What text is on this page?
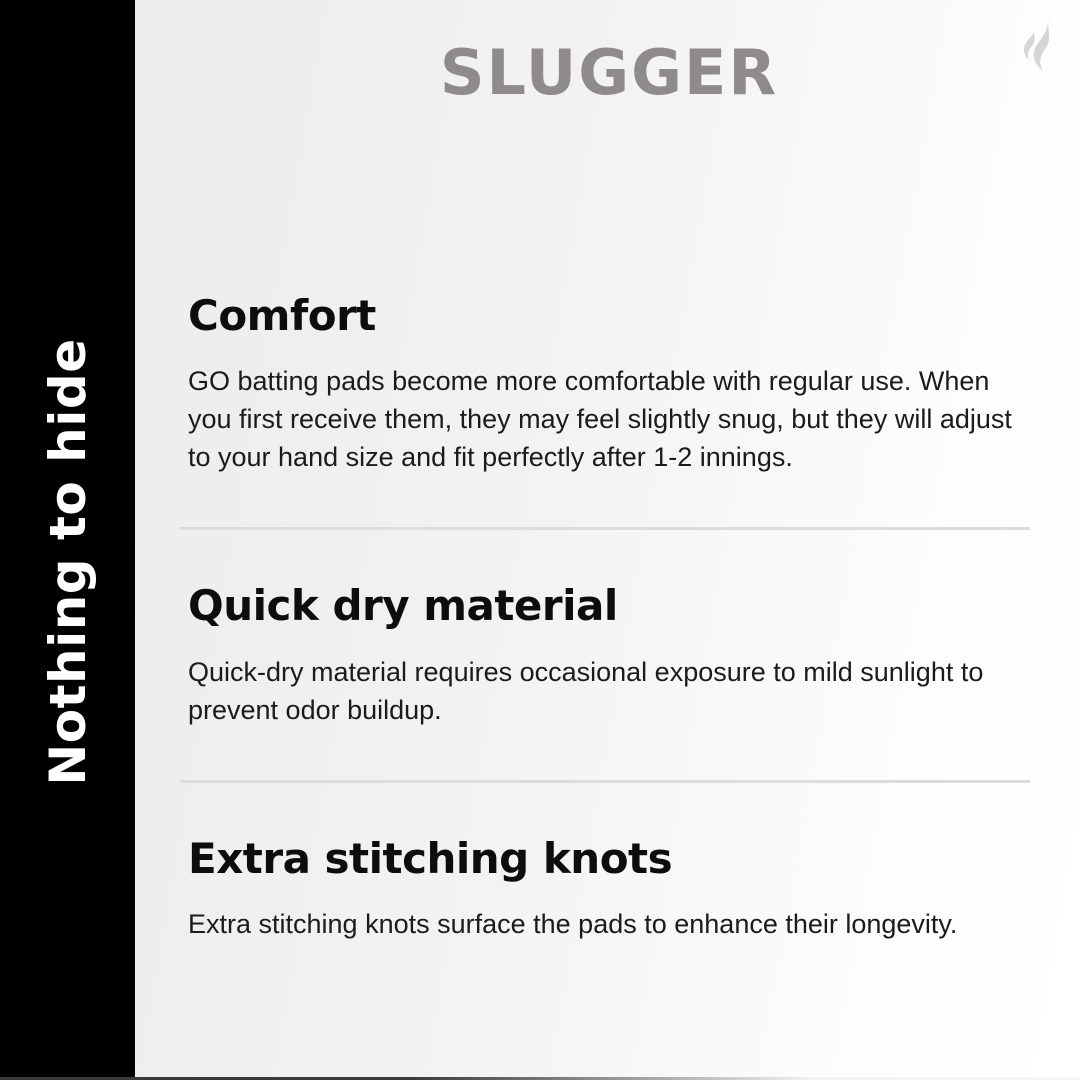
Nothing to hide
SLUGGER
Comfort

GO batting pads become more comfortable with regular use. When you first receive them, they may feel slightly snug, but they will adjust to your hand size and fit perfectly after 1-2 innings.

Quick dry material

Quick-dry material requires occasional exposure to mild sunlight to prevent odor buildup.

Extra stitching knots

Extra stitching knots surface the pads to enhance their longevity.
